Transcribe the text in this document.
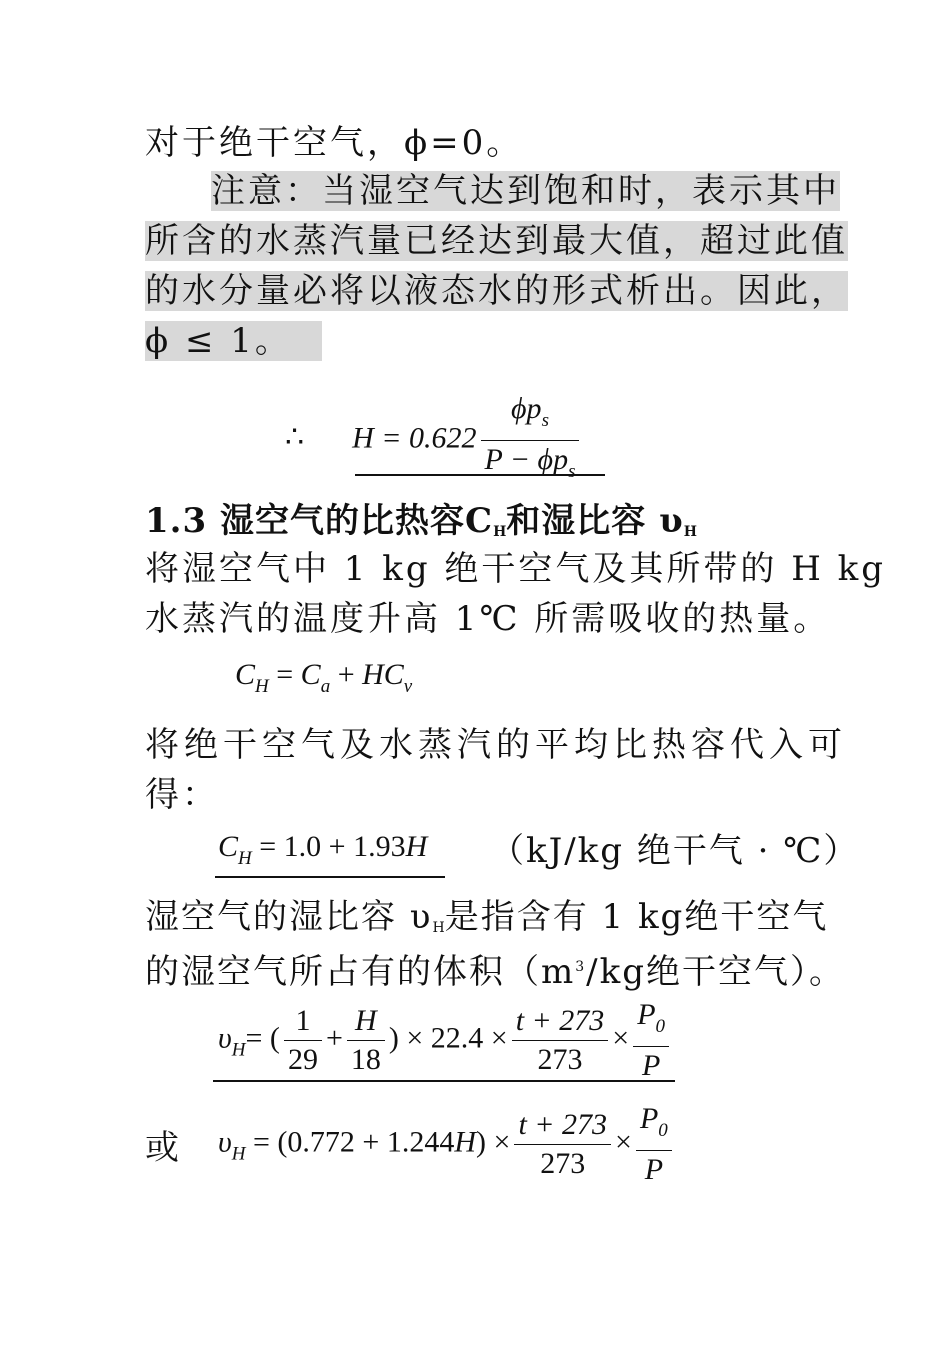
对于绝干空气，ϕ=0。
注意：当湿空气达到饱和时，表示其中
所含的水蒸汽量已经达到最大值，超过此值
的水分量必将以液态水的形式析出。因此，
ϕ ≤ 1。
∴ $H = 0.622 \frac{\phi p_s}{P - \phi p_s}$
1.3 湿空气的比热容CH和湿比容 υH
将湿空气中 1 kg 绝干空气及其所带的 H kg
水蒸汽的温度升高 1℃ 所需吸收的热量。
$C_H = C_a + HC_v$
将绝干空气及水蒸汽的平均比热容代入可
得：
$C_H = 1.0 + 1.93H$ （kJ/kg 绝干气 · ℃）
湿空气的湿比容 υH是指含有 1 kg绝干空气
的湿空气所占有的体积（$m^3/kg$绝干空气）。
$\upsilon_H=$ ( $\frac{1}{29} + \frac{H}{18}$ ) × $22.4 \times \frac{t + 273}{273} \times \frac{P_0}{P}$
或 $\upsilon_H = (0.772 + 1.244H) \times \frac{t + 273}{273} \times \frac{P_0}{P}$
